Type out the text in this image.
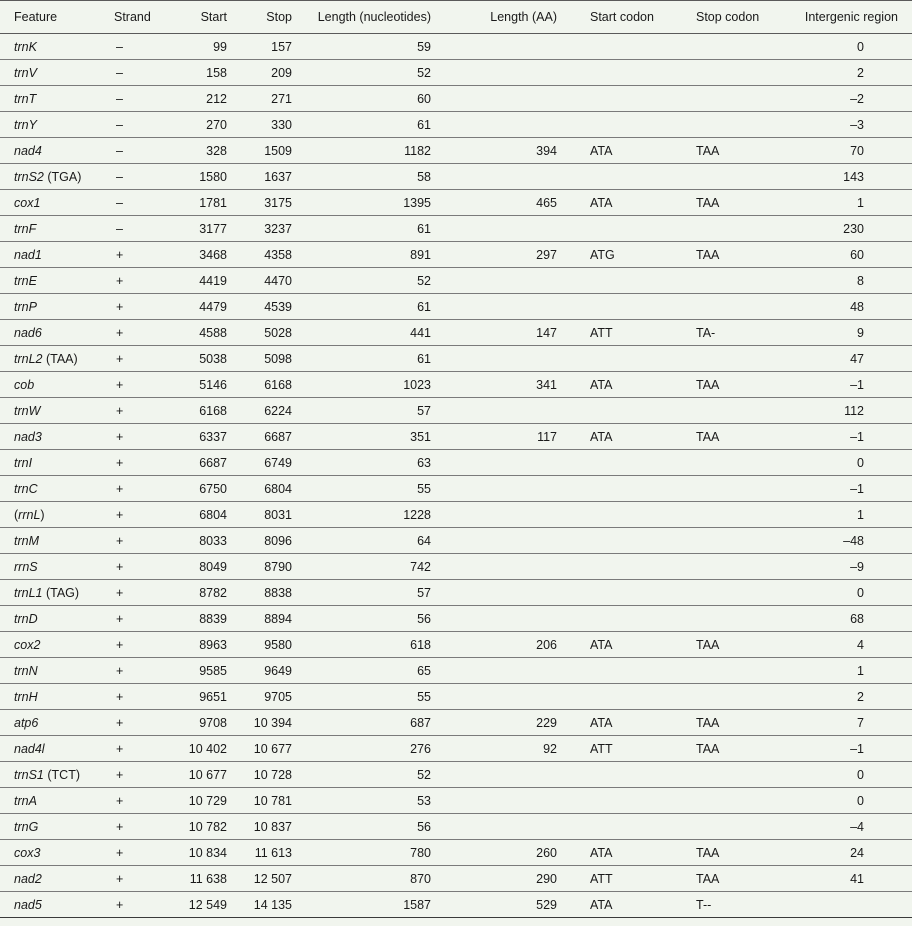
Feature	Strand	Start	Stop	Length (nucleotides)	Length (AA)	Start codon	Stop codon	Intergenic region
trnK	–	99	157	59				0
trnV	–	158	209	52				2
trnT	–	212	271	60				–2
trnY	–	270	330	61				–3
nad4	–	328	1509	1182	394	ATA	TAA	70
trnS2 (TGA)	–	1580	1637	58				143
cox1	–	1781	3175	1395	465	ATA	TAA	1
trnF	–	3177	3237	61				230
nad1	+	3468	4358	891	297	ATG	TAA	60
trnE	+	4419	4470	52				8
trnP	+	4479	4539	61				48
nad6	+	4588	5028	441	147	ATT	TA-	9
trnL2 (TAA)	+	5038	5098	61				47
cob	+	5146	6168	1023	341	ATA	TAA	–1
trnW	+	6168	6224	57				112
nad3	+	6337	6687	351	117	ATA	TAA	–1
trnI	+	6687	6749	63				0
trnC	+	6750	6804	55				–1
(rrnL)	+	6804	8031	1228				1
trnM	+	8033	8096	64				–48
rrnS	+	8049	8790	742				–9
trnL1 (TAG)	+	8782	8838	57				0
trnD	+	8839	8894	56				68
cox2	+	8963	9580	618	206	ATA	TAA	4
trnN	+	9585	9649	65				1
trnH	+	9651	9705	55				2
atp6	+	9708	10 394	687	229	ATA	TAA	7
nad4l	+	10 402	10 677	276	92	ATT	TAA	–1
trnS1 (TCT)	+	10 677	10 728	52				0
trnA	+	10 729	10 781	53				0
trnG	+	10 782	10 837	56				–4
cox3	+	10 834	11 613	780	260	ATA	TAA	24
nad2	+	11 638	12 507	870	290	ATT	TAA	41
nad5	+	12 549	14 135	1587	529	ATA	T--	
